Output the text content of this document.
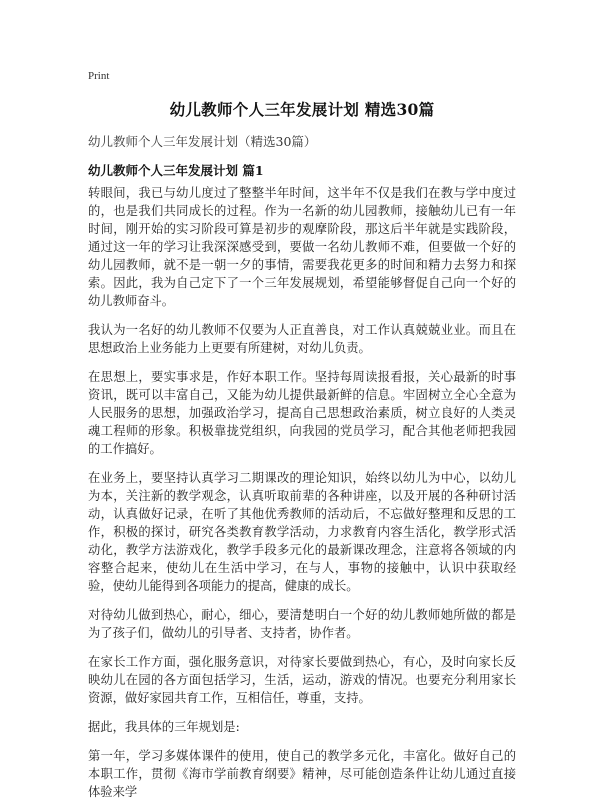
Print
幼儿教师个人三年发展计划 精选30篇
幼儿教师个人三年发展计划（精选30篇）
幼儿教师个人三年发展计划 篇1

转眼间，我已与幼儿度过了整整半年时间，这半年不仅是我们在教与学中度过的，也是我们共同成长的过程。作为一名新的幼儿园教师，接触幼儿已有一年时间，刚开始的实习阶段可算是初步的观摩阶段，那这后半年就是实践阶段，通过这一年的学习让我深深感受到，要做一名幼儿教师不难，但要做一个好的幼儿园教师，就不是一朝一夕的事情，需要我花更多的时间和精力去努力和探索。因此，我为自己定下了一个三年发展规划，希望能够督促自己向一个好的幼儿教师奋斗。

我认为一名好的幼儿教师不仅要为人正直善良，对工作认真兢兢业业。而且在思想政治上业务能力上更要有所建树，对幼儿负责。

在思想上，要实事求是，作好本职工作。坚持每周读报看报，关心最新的时事资讯，既可以丰富自己，又能为幼儿提供最新鲜的信息。牢固树立全心全意为人民服务的思想，加强政治学习，提高自己思想政治素质，树立良好的人类灵魂工程师的形象。积极靠拢党组织，向我园的党员学习，配合其他老师把我园的工作搞好。

在业务上，要坚持认真学习二期课改的理论知识，始终以幼儿为中心，以幼儿为本，关注新的教学观念，认真听取前辈的各种讲座，以及开展的各种研讨活动，认真做好记录，在听了其他优秀教师的活动后，不忘做好整理和反思的工作，积极的探讨，研究各类教育教学活动，力求教育内容生活化，教学形式活动化，教学方法游戏化，教学手段多元化的最新课改理念，注意将各领域的内容整合起来，使幼儿在生活中学习，在与人，事物的接触中，认识中获取经验，使幼儿能得到各项能力的提高，健康的成长。

对待幼儿做到热心，耐心，细心，要清楚明白一个好的幼儿教师她所做的都是为了孩子们，做幼儿的引导者、支持者，协作者。

在家长工作方面，强化服务意识，对待家长要做到热心，有心，及时向家长反映幼儿在园的各方面包括学习，生活，运动，游戏的情况。也要充分利用家长资源，做好家园共育工作，互相信任，尊重，支持。

据此，我具体的三年规划是:

第一年，学习多媒体课件的使用，使自己的教学多元化，丰富化。做好自己的本职工作，贯彻《海市学前教育纲要》精神，尽可能创造条件让幼儿通过直接体验来学
